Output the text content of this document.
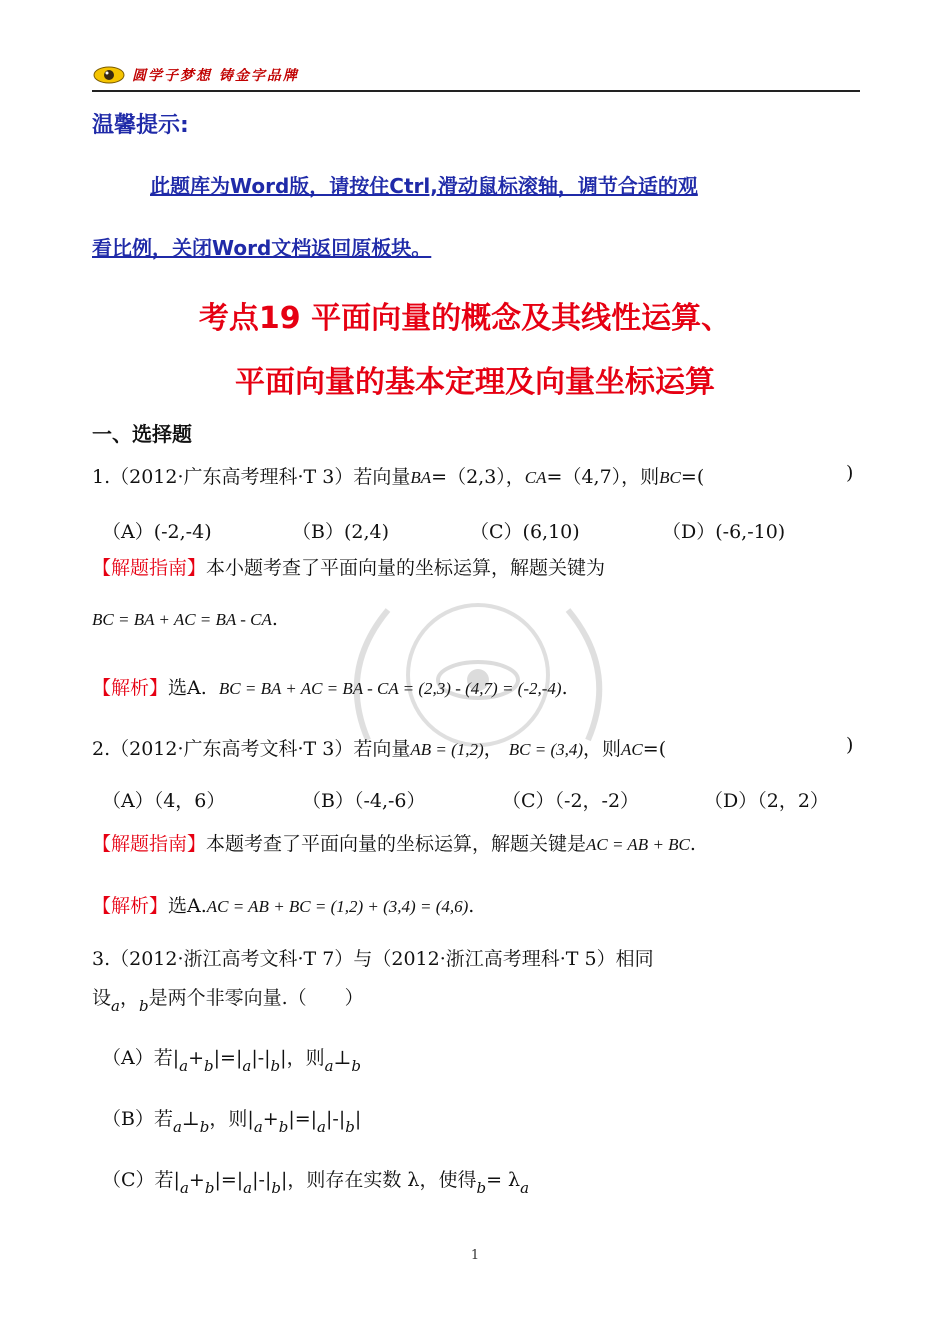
圆学子梦想 铸金字品牌
温馨提示:
此题库为Word版，请按住Ctrl,滑动鼠标滚轴，调节合适的观
看比例，关闭Word文档返回原板块。
考点19 平面向量的概念及其线性运算、
平面向量的基本定理及向量坐标运算
一、选择题
1.（2012·广东高考理科·T 3）若向量BA=（2,3），CA=（4,7），则BC=(	)
（A）(-2,-4)	（B）(2,4)	（C）(6,10)	（D）(-6,-10)
【解题指南】本小题考查了平面向量的坐标运算，解题关键为
BC = BA + AC = BA - CA.
【解析】选A. BC = BA + AC = BA - CA = (2,3) - (4,7) = (-2,-4).
2.（2012·广东高考文科·T 3）若向量AB = (1,2)， BC = (3,4)，则AC=(	)
（A）（4，6）	（B）（-4,-6）	（C）（-2，-2）	（D）（2，2）
【解题指南】本题考查了平面向量的坐标运算，解题关键是AC = AB + BC.
【解析】选A.AC = AB + BC = (1,2) + (3,4) = (4,6).
3.（2012·浙江高考文科·T 7）与（2012·浙江高考理科·T 5）相同
设$_a$，$_b$是两个非零向量.（　　）
（A）若$|_a+_b|=|_a|-|_b|$，则$_a\perp_b$
（B）若$_a\perp_b$，则$|_a+_b|=|_a|-|_b|$
（C）若$|_a+_b|=|_a|-|_b|$，则存在实数 λ，使得$_b= \lambda_a$
1
